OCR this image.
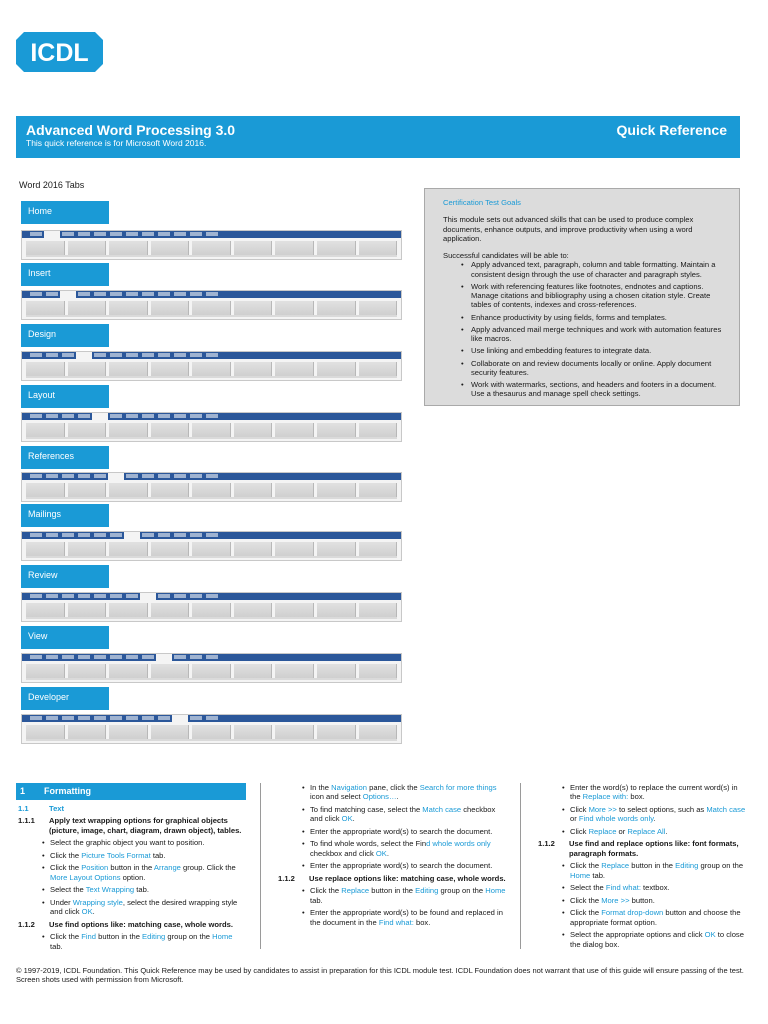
ICDL
Advanced Word Processing 3.0
This quick reference is for Microsoft Word 2016.
Quick Reference
Word 2016 Tabs
Home
Insert
Design
Layout
References
Mailings
Review
View
Developer
Certification Test Goals

This module sets out advanced skills that can be used to produce complex documents, enhance outputs, and improve productivity when using a word application.

Successful candidates will be able to:

• Apply advanced text, paragraph, column and table formatting. Maintain a consistent design through the use of character and paragraph styles.
• Work with referencing features like footnotes, endnotes and captions. Manage citations and bibliography using a chosen citation style. Create tables of contents, indexes and cross-references.
• Enhance productivity by using fields, forms and templates.
• Apply advanced mail merge techniques and work with automation features like macros.
• Use linking and embedding features to integrate data.
• Collaborate on and review documents locally or online. Apply document security features.
• Work with watermarks, sections, and headers and footers in a document. Use a thesaurus and manage spell check settings.
1 Formatting
1.1	Text
1.1.1 Apply text wrapping options for graphical objects (picture, image, chart, diagram, drawn object), tables.
• Select the graphic object you want to position.
• Click the Picture Tools Format tab.
• Click the Position button in the Arrange group. Click the More Layout Options option.
• Select the Text Wrapping tab.
• Under Wrapping style, select the desired wrapping style and click OK.
1.1.2 Use find options like: matching case, whole words.
• Click the Find button in the Editing group on the Home tab.
• In the Navigation pane, click the Search for more things icon and select Options….
• To find matching case, select the Match case checkbox and click OK.
• Enter the appropriate word(s) to search the document.
• To find whole words, select the Find whole words only checkbox and click OK.
• Enter the appropriate word(s) to search the document.
1.1.2 Use replace options like: matching case, whole words.
• Click the Replace button in the Editing group on the Home tab.
• Enter the appropriate word(s) to be found and replaced in the document in the Find what: box.
• Enter the word(s) to replace the current word(s) in the Replace with: box.
• Click More >> to select options, such as Match case or Find whole words only.
• Click Replace or Replace All.
1.1.2 Use find and replace options like: font formats, paragraph formats.
• Click the Replace button in the Editing group on the Home tab.
• Select the Find what: textbox.
• Click the More >> button.
• Click the Format drop-down button and choose the appropriate format option.
• Select the appropriate options and click OK to close the dialog box.
© 1997-2019, ICDL Foundation. This Quick Reference may be used by candidates to assist in preparation for this ICDL module test. ICDL Foundation does not warrant that use of this guide will ensure passing of the test. Screen shots used with permission from Microsoft.
